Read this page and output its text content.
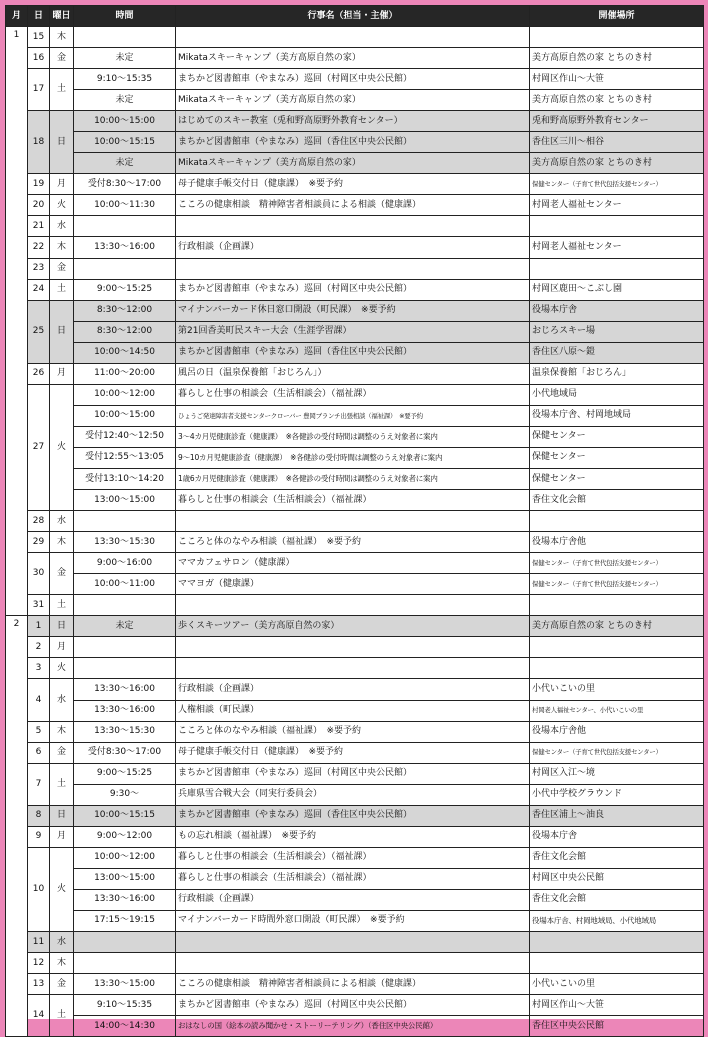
月	日	曜日	時間	行事名（担当・主催）	開催場所
1	15	木			
	16	金	未定	Mikataスキーキャンプ（美方高原自然の家）	美方高原自然の家 とちのき村
	17	土	9:10～15:35	まちかど図書館車（やまなみ）巡回（村岡区中央公民館）	村岡区作山～大笹
			未定	Mikataスキーキャンプ（美方高原自然の家）	美方高原自然の家 とちのき村
	18	日	10:00～15:00	はじめてのスキー教室（兎和野高原野外教育センター）	兎和野高原野外教育センター
			10:00～15:15	まちかど図書館車（やまなみ）巡回（香住区中央公民館）	香住区三川～相谷
			未定	Mikataスキーキャンプ（美方高原自然の家）	美方高原自然の家 とちのき村
	19	月	受付8:30～17:00	母子健康手帳交付日（健康課）　※要予約	保健センター（子育て世代包括支援センター）
	20	火	10:00～11:30	こころの健康相談　精神障害者相談員による相談（健康課）	村岡老人福祉センター
	21	水			
	22	木	13:30～16:00	行政相談（企画課）	村岡老人福祉センター
	23	金			
	24	土	9:00～15:25	まちかど図書館車（やまなみ）巡回（村岡区中央公民館）	村岡区鹿田～こぶし園
	25	日	8:30～12:00	マイナンバーカード休日窓口開設（町民課）　※要予約	役場本庁舎
			8:30～12:00	第21回香美町民スキー大会（生涯学習課）	おじろスキー場
			10:00～14:50	まちかど図書館車（やまなみ）巡回（香住区中央公民館）	香住区八原～鎧
	26	月	11:00～20:00	風呂の日（温泉保養館「おじろん」）	温泉保養館「おじろん」
	27	火	10:00～12:00	暮らしと仕事の相談会（生活相談会）（福祉課）	小代地域局
			10:00～15:00	ひょうご発達障害者支援センタークローバー 豊岡ブランチ出張相談（福祉課）　※要予約	役場本庁舎、村岡地域局
			受付12:40～12:50	3～4カ月児健康診査（健康課）　※各健診の受付時間は調整のうえ対象者に案内	保健センター
			受付12:55～13:05	9～10カ月児健康診査（健康課）　※各健診の受付時間は調整のうえ対象者に案内	保健センター
			受付13:10～14:20	1歳6カ月児健康診査（健康課）　※各健診の受付時間は調整のうえ対象者に案内	保健センター
			13:00～15:00	暮らしと仕事の相談会（生活相談会）（福祉課）	香住文化会館
	28	水			
	29	木	13:30～15:30	こころと体のなやみ相談（福祉課）　※要予約	役場本庁舎他
	30	金	9:00～16:00	ママカフェサロン（健康課）	保健センター（子育て世代包括支援センター）
			10:00～11:00	ママヨガ（健康課）	保健センター（子育て世代包括支援センター）
	31	土			
2	1	日	未定	歩くスキーツアー（美方高原自然の家）	美方高原自然の家 とちのき村
	2	月			
	3	火			
	4	水	13:30～16:00	行政相談（企画課）	小代いこいの里
			13:30～16:00	人権相談（町民課）	村岡老人福祉センター、小代いこいの里
	5	木	13:30～15:30	こころと体のなやみ相談（福祉課）　※要予約	役場本庁舎他
	6	金	受付8:30～17:00	母子健康手帳交付日（健康課）　※要予約	保健センター（子育て世代包括支援センター）
	7	土	9:00～15:25	まちかど図書館車（やまなみ）巡回（村岡区中央公民館）	村岡区入江～境
			9:30～	兵庫県雪合戦大会（同実行委員会）	小代中学校グラウンド
	8	日	10:00～15:15	まちかど図書館車（やまなみ）巡回（香住区中央公民館）	香住区浦上～油良
	9	月	9:00～12:00	もの忘れ相談（福祉課）　※要予約	役場本庁舎
	10	火	10:00～12:00	暮らしと仕事の相談会（生活相談会）（福祉課）	香住文化会館
			13:00～15:00	暮らしと仕事の相談会（生活相談会）（福祉課）	村岡区中央公民館
			13:30～16:00	行政相談（企画課）	香住文化会館
			17:15～19:15	マイナンバーカード時間外窓口開設（町民課）　※要予約	役場本庁舎、村岡地域局、小代地域局
	11	水			
	12	木			
	13	金	13:30～15:00	こころの健康相談　精神障害者相談員による相談（健康課）	小代いこいの里
	14	土	9:10～15:35	まちかど図書館車（やまなみ）巡回（村岡区中央公民館）	村岡区作山～大笹
			14:00～14:30	おはなしの国（絵本の読み聞かせ・ストーリーテリング）（香住区中央公民館）	香住区中央公民館
